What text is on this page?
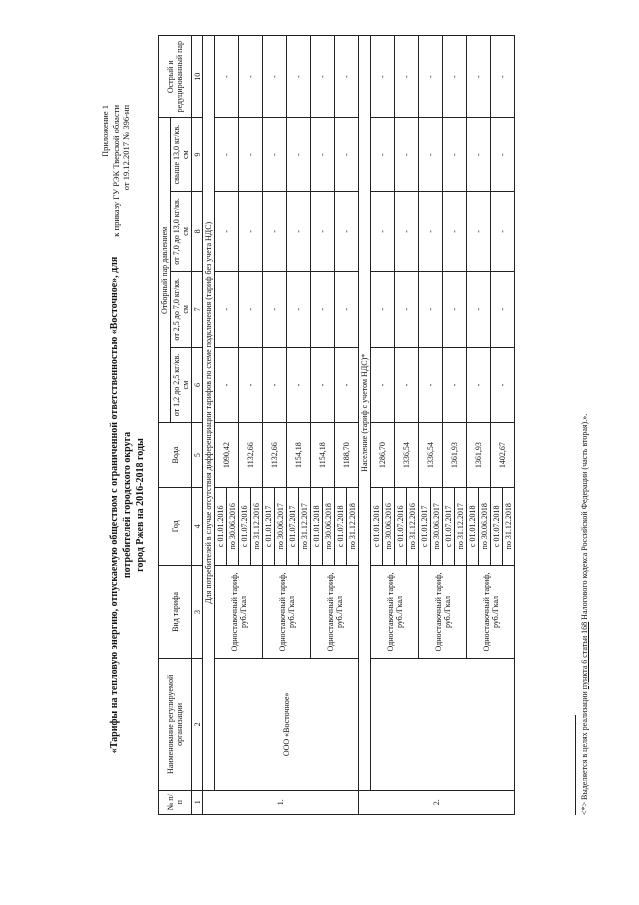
Приложение 1 к приказу ГУ РЭК Тверской области от 19.12.2017 № 396-нп
«Тарифы на тепловую энергию, отпускаемую обществом с ограниченной ответственностью «Восточное», для потребителей городского округа город Ржев на 2016-2018 годы
№ п/п	Наименование регулируемой организации	Вид тарифа	Год	Вода	Отборный пар давлением				Острый и редуцированный пар
					от 1,2 до 2,5 кг/кв. см	от 2,5 до 7,0 кг/кв. см	от 7,0 до 13,0 кг/кв. см	свыше 13,0 кг/кв. см	
1	2	3	4	5	6	7	8	9	10
1.	Для потребителей в случае отсутствия дифференциации тарифов по схеме подключения (тариф без учета НДС)								
	ООО «Восточное»	Одноставочный тариф, руб./Гкал	с 01.01.2016	1090,42	-	-	-	-	-
			по 30.06.2016						
			с 01.07.2016	1132,66	-	-	-	-	-
			по 31.12.2016						
		Одноставочный тариф, руб./Гкал	с 01.01.2017	1132,66	-	-	-	-	-
			по 30.06.2017						
			с 01.07.2017	1154,18	-	-	-	-	-
			по 31.12.2017						
		Одноставочный тариф, руб./Гкал	с 01.01.2018	1154,18	-	-	-	-	-
			по 30.06.2018						
			с 01.07.2018	1188,70	-	-	-	-	-
			по 31.12.2018						
2.	Население (тариф с учетом НДС)*								
		Одноставочный тариф, руб./Гкал	с 01.01.2016	1286,70	-	-	-	-	-
			по 30.06.2016						
			с 01.07.2016	1336,54	-	-	-	-	-
			по 31.12.2016						
		Одноставочный тариф, руб./Гкал	с 01.01.2017	1336,54	-	-	-	-	-
			по 30.06.2017						
			с 01.07.2017	1361,93	-	-	-	-	-
			по 31.12.2017						
		Одноставочный тариф, руб./Гкал	с 01.01.2018	1361,93	-	-	-	-	-
			по 30.06.2018						
			с 01.07.2018	1402,67	-	-	-	-	-
			по 31.12.2018						
<*> Выделяется в целях реализации пункта 6 статьи 168 Налогового кодекса Российской Федерации (часть вторая).».
